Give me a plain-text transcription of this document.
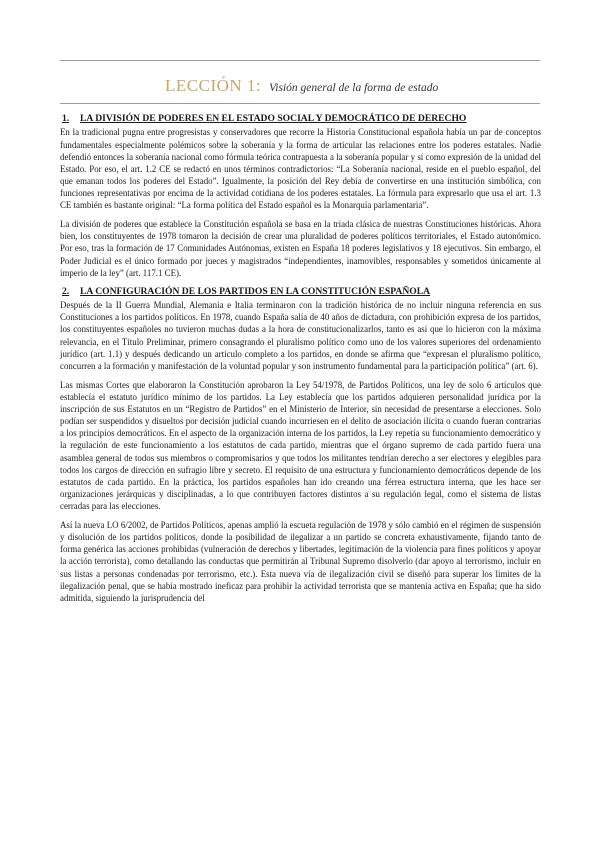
LECCIÓN 1: Visión general de la forma de estado
1.	LA DIVISIÓN DE PODERES EN EL ESTADO SOCIAL Y DEMOCRÁTICO DE DERECHO

En la tradicional pugna entre progresistas y conservadores que recorre la Historia Constitucional española había un par de conceptos fundamentales especialmente polémicos sobre la soberanía y la forma de articular las relaciones entre los poderes estatales. Nadie defendió entonces la soberanía nacional como fórmula teórica contrapuesta a la soberanía popular y sí como expresión de la unidad del Estado. Por eso, el art. 1.2 CE se redactó en unos términos contradictorios: “La Soberanía nacional, reside en el pueblo español, del que emanan todos los poderes del Estado”. Igualmente, la posición del Rey debía de convertirse en una institución simbólica, con funciones representativas por encima de la actividad cotidiana de los poderes estatales. La fórmula para expresarlo que usa el art. 1.3 CE también es bastante original: “La forma política del Estado español es la Monarquía parlamentaria”.

La división de poderes que establece la Constitución española se basa en la tríada clásica de nuestras Constituciones históricas. Ahora bien, los constituyentes de 1978 tomaron la decisión de crear una pluralidad de poderes políticos territoriales, el Estado autonómico. Por eso, tras la formación de 17 Comunidades Autónomas, existen en España 18 poderes legislativos y 18 ejecutivos. Sin embargo, el Poder Judicial es el único formado por jueces y magistrados “independientes, inamovibles, responsables y sometidos únicamente al imperio de la ley” (art. 117.1 CE).

2.	LA CONFIGURACIÓN DE LOS PARTIDOS EN LA CONSTITUCIÓN ESPAÑOLA

Después de la II Guerra Mundial, Alemania e Italia terminaron con la tradición histórica de no incluir ninguna referencia en sus Constituciones a los partidos políticos. En 1978, cuando España salía de 40 años de dictadura, con prohibición expresa de los partidos, los constituyentes españoles no tuvieron muchas dudas a la hora de constitucionalizarlos, tanto es así que lo hicieron con la máxima relevancia, en el Título Preliminar, primero consagrando el pluralismo político como uno de los valores superiores del ordenamiento jurídico (art. 1.1) y después dedicando un artículo completo a los partidos, en donde se afirma que “expresan el pluralismo político, concurren a la formación y manifestación de la voluntad popular y son instrumento fundamental para la participación política” (art. 6).

Las mismas Cortes que elaboraron la Constitución aprobaron la Ley 54/1978, de Partidos Políticos, una ley de solo 6 artículos que establecía el estatuto jurídico mínimo de los partidos. La Ley establecía que los partidos adquieren personalidad jurídica por la inscripción de sus Estatutos en un “Registro de Partidos” en el Ministerio de Interior, sin necesidad de presentarse a elecciones. Solo podían ser suspendidos y disueltos por decisión judicial cuando incurriesen en el delito de asociación ilícita o cuando fueran contrarias a los principios democráticos. En el aspecto de la organización interna de los partidos, la Ley repetía su funcionamiento democrático y la regulación de este funcionamiento a los estatutos de cada partido, mientras que el órgano supremo de cada partido fuera una asamblea general de todos sus miembros o compromisarios y que todos los militantes tendrían derecho a ser electores y elegibles para todos los cargos de dirección en sufragio libre y secreto. El requisito de una estructura y funcionamiento democráticos depende de los estatutos de cada partido. En la práctica, los partidos españoles han ido creando una férrea estructura interna, que les hace ser organizaciones jerárquicas y disciplinadas, a lo que contribuyen factores distintos a su regulación legal, como el sistema de listas cerradas para las elecciones.

Así la nueva LO 6/2002, de Partidos Políticos, apenas amplió la escueta regulación de 1978 y sólo cambió en el régimen de suspensión y disolución de los partidos políticos, donde la posibilidad de ilegalizar a un partido se concreta exhaustivamente, fijando tanto de forma genérica las acciones prohibidas (vulneración de derechos y libertades, legitimación de la violencia para fines políticos y apoyar la acción terrorista), como detallando las conductas que permitirán al Tribunal Supremo disolverlo (dar apoyo al terrorismo, incluir en sus listas a personas condenadas por terrorismo, etc.). Esta nueva vía de ilegalización civil se diseñó para superar los límites de la ilegalización penal, que se había mostrado ineficaz para prohibir la actividad terrorista que se mantenía activa en España; que ha sido admitida, siguiendo la jurisprudencia del
